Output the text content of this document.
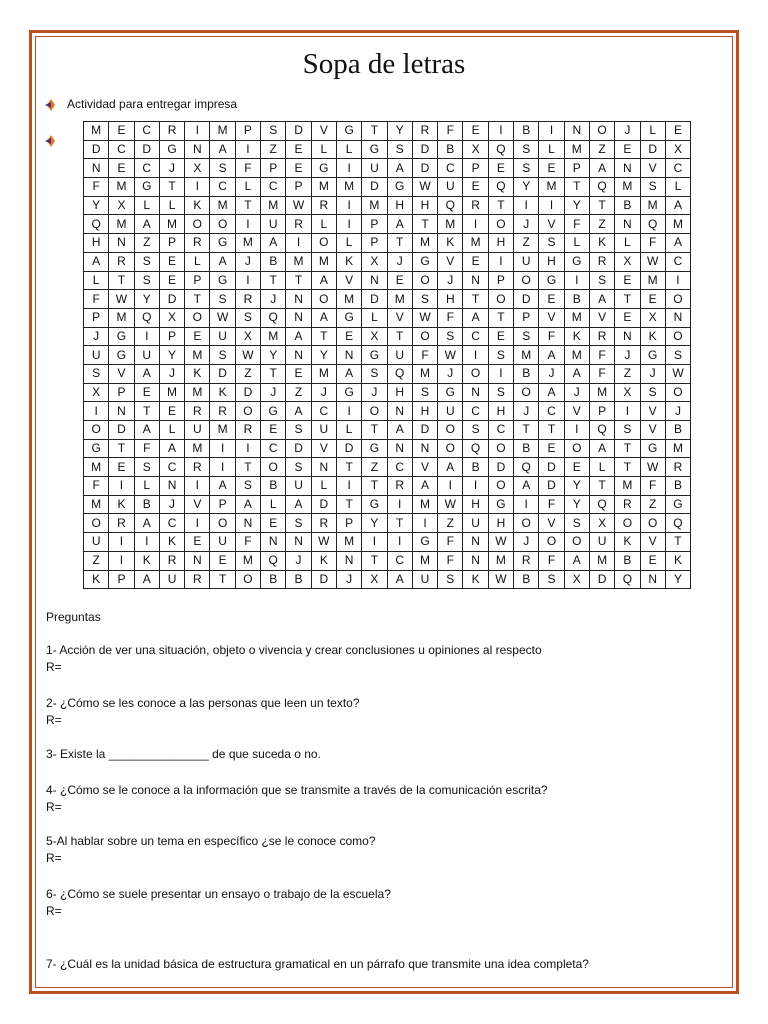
Sopa de letras
Actividad para entregar impresa
M	E	C	R	I	M	P	S	D	V	G	T	Y	R	F	E	I	B	I	N	O	J	L	E
D	C	D	G	N	A	I	Z	E	L	L	G	S	D	B	X	Q	S	L	M	Z	E	D	X
N	E	C	J	X	S	F	P	E	G	I	U	A	D	C	P	E	S	E	P	A	N	V	C
F	M	G	T	I	C	L	C	P	M	M	D	G	W	U	E	Q	Y	M	T	Q	M	S	L
Y	X	L	L	K	M	T	M	W	R	I	M	H	H	Q	R	T	I	I	Y	T	B	M	A
Q	M	A	M	O	O	I	U	R	L	I	P	A	T	M	I	O	J	V	F	Z	N	Q	M
H	N	Z	P	R	G	M	A	I	O	L	P	T	M	K	M	H	Z	S	L	K	L	F	A
A	R	S	E	L	A	J	B	M	M	K	X	J	G	V	E	I	U	H	G	R	X	W	C
L	T	S	E	P	G	I	T	T	A	V	N	E	O	J	N	P	O	G	I	S	E	M	I
F	W	Y	D	T	S	R	J	N	O	M	D	M	S	H	T	O	D	E	B	A	T	E	O
P	M	Q	X	O	W	S	Q	N	A	G	L	V	W	F	A	T	P	V	M	V	E	X	N
J	G	I	P	E	U	X	M	A	T	E	X	T	O	S	C	E	S	F	K	R	N	K	O
U	G	U	Y	M	S	W	Y	N	Y	N	G	U	F	W	I	S	M	A	M	F	J	G	S
S	V	A	J	K	D	Z	T	E	M	A	S	Q	M	J	O	I	B	J	A	F	Z	J	W
X	P	E	M	M	K	D	J	Z	J	G	J	H	S	G	N	S	O	A	J	M	X	S	O
I	N	T	E	R	R	O	G	A	C	I	O	N	H	U	C	H	J	C	V	P	I	V	J
O	D	A	L	U	M	R	E	S	U	L	T	A	D	O	S	C	T	T	I	Q	S	V	B
G	T	F	A	M	I	I	C	D	V	D	G	N	N	O	Q	O	B	E	O	A	T	G	M
M	E	S	C	R	I	T	O	S	N	T	Z	C	V	A	B	D	Q	D	E	L	T	W	R
F	I	L	N	I	A	S	B	U	L	I	T	R	A	I	I	O	A	D	Y	T	M	F	B
M	K	B	J	V	P	A	L	A	D	T	G	I	M	W	H	G	I	F	Y	Q	R	Z	G
O	R	A	C	I	O	N	E	S	R	P	Y	T	I	Z	U	H	O	V	S	X	O	O	Q
U	I	I	K	E	U	F	N	N	W	M	I	I	G	F	N	W	J	O	O	U	K	V	T
Z	I	K	R	N	E	M	Q	J	K	N	T	C	M	F	N	M	R	F	A	M	B	E	K
K	P	A	U	R	T	O	B	B	D	J	X	A	U	S	K	W	B	S	X	D	Q	N	Y
Preguntas
1- Acción de ver una situación, objeto o vivencia y crear conclusiones u opiniones al respecto
R=
2- ¿Cómo se les conoce a las personas que leen un texto?
R=
3- Existe la _______________ de que suceda o no.
4- ¿Cómo se le conoce a la información que se transmite a través de la comunicación escrita?
R=
5-Al hablar sobre un tema en específico ¿se le conoce como?
R=
6- ¿Cómo se suele presentar un ensayo o trabajo de la escuela?
R=
7- ¿Cuál es la unidad básica de estructura gramatical en un párrafo que transmite una idea completa?
